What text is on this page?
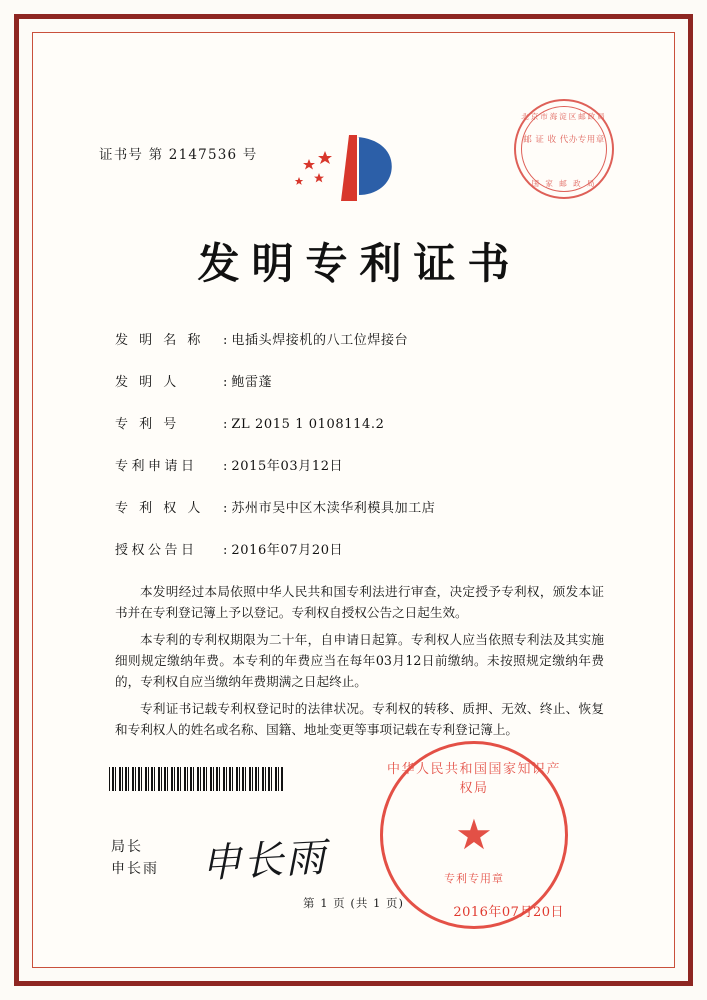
证书号 第 2147536 号
北京市海淀区邮政局
邮 证 收 代办专用章
国 家 邮 政 局
发明专利证书
发 明 名 称	: 电插头焊接机的八工位焊接台
发 明 人	: 鲍雷蓬
专 利 号	: ZL 2015 1 0108114.2
专利申请日	: 2015年03月12日
专 利 权 人	: 苏州市吴中区木渎华利模具加工店
授权公告日	: 2016年07月20日

本发明经过本局依照中华人民共和国专利法进行审查，决定授予专利权，颁发本证书并在专利登记簿上予以登记。专利权自授权公告之日起生效。

本专利的专利权期限为二十年，自申请日起算。专利权人应当依照专利法及其实施细则规定缴纳年费。本专利的年费应当在每年03月12日前缴纳。未按照规定缴纳年费的，专利权自应当缴纳年费期满之日起终止。

专利证书记载专利权登记时的法律状况。专利权的转移、质押、无效、终止、恢复和专利权人的姓名或名称、国籍、地址变更等事项记载在专利登记簿上。

局长
申长雨 申长雨
中华人民共和国国家知识产权局
★
专利专用章
2016年07月20日
第 1 页 (共 1 页)
